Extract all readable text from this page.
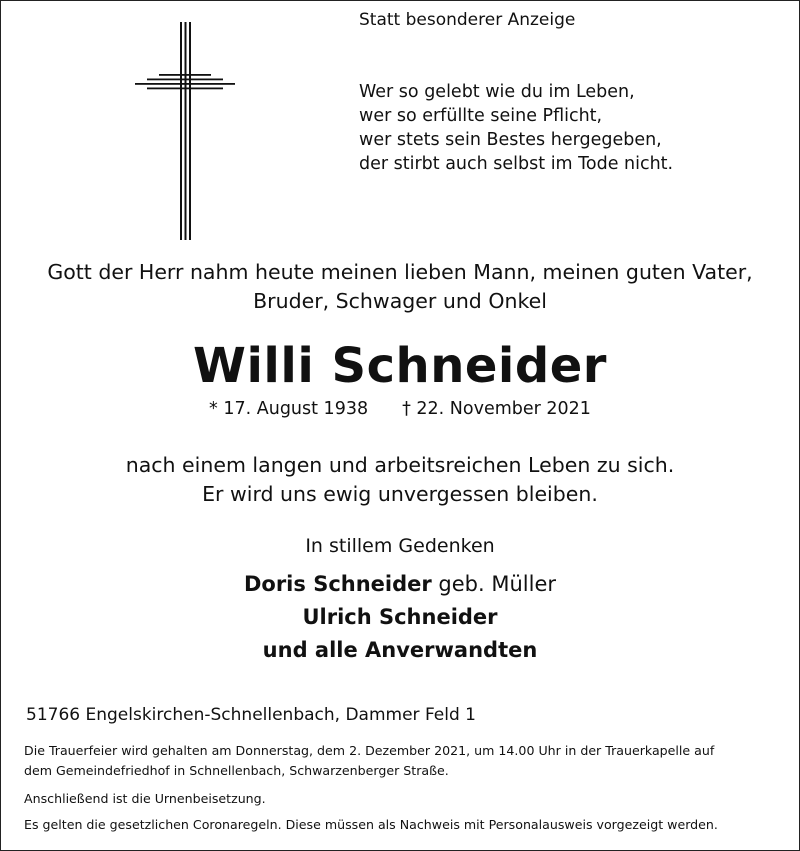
Statt besonderer Anzeige
Wer so gelebt wie du im Leben,
wer so erfüllte seine Pflicht,
wer stets sein Bestes hergegeben,
der stirbt auch selbst im Tode nicht.
Gott der Herr nahm heute meinen lieben Mann, meinen guten Vater,
Bruder, Schwager und Onkel
Willi Schneider
* 17. August 1938 † 22. November 2021
nach einem langen und arbeitsreichen Leben zu sich.
Er wird uns ewig unvergessen bleiben.
In stillem Gedenken
Doris Schneider geb. Müller
Ulrich Schneider
und alle Anverwandten
51766 Engelskirchen-Schnellenbach, Dammer Feld 1
Die Trauerfeier wird gehalten am Donnerstag, dem 2. Dezember 2021, um 14.00 Uhr in der Trauerkapelle auf
dem Gemeindefriedhof in Schnellenbach, Schwarzenberger Straße.
Anschließend ist die Urnenbeisetzung.
Es gelten die gesetzlichen Coronaregeln. Diese müssen als Nachweis mit Personalausweis vorgezeigt werden.
